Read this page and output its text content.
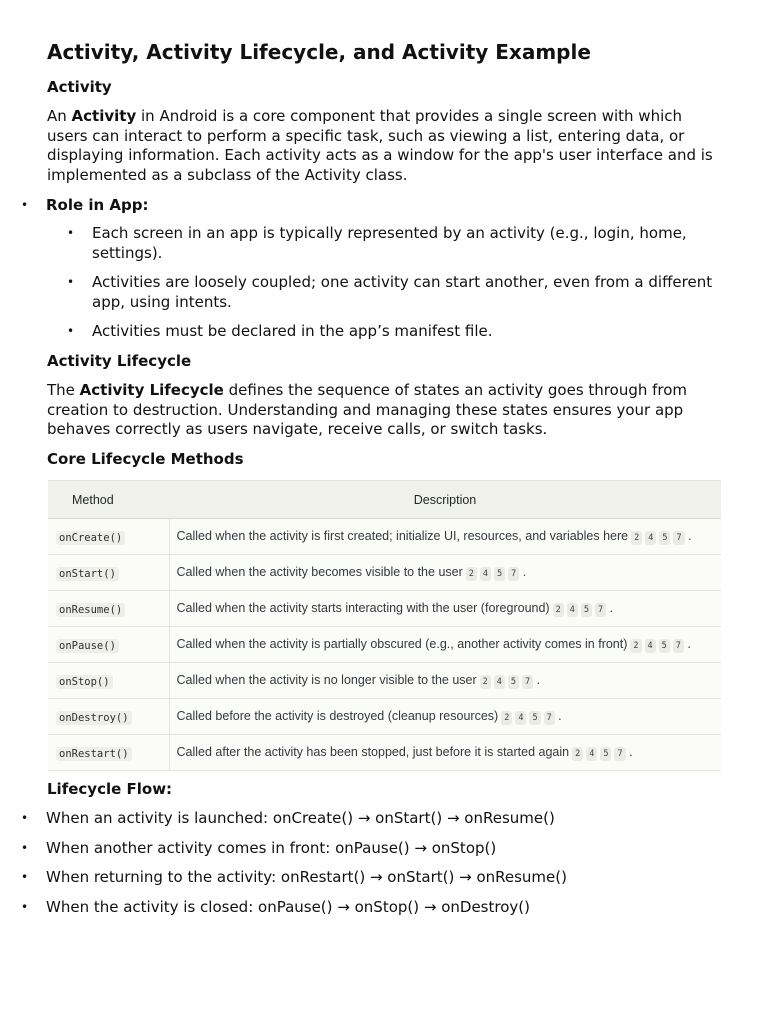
Activity, Activity Lifecycle, and Activity Example
Activity

An Activity in Android is a core component that provides a single screen with which users can interact to perform a specific task, such as viewing a list, entering data, or displaying information. Each activity acts as a window for the app's user interface and is implemented as a subclass of the Activity class.

• Role in App:
• Each screen in an app is typically represented by an activity (e.g., login, home, settings).
• Activities are loosely coupled; one activity can start another, even from a different app, using intents.
• Activities must be declared in the app’s manifest file.
Activity Lifecycle

The Activity Lifecycle defines the sequence of states an activity goes through from creation to destruction. Understanding and managing these states ensures your app behaves correctly as users navigate, receive calls, or switch tasks.

Core Lifecycle Methods
Method	Description
onCreate()	Called when the activity is first created; initialize UI, resources, and variables here 2 4 5 7 .
onStart()	Called when the activity becomes visible to the user 2 4 5 7 .
onResume()	Called when the activity starts interacting with the user (foreground) 2 4 5 7 .
onPause()	Called when the activity is partially obscured (e.g., another activity comes in front) 2 4 5 7 .
onStop()	Called when the activity is no longer visible to the user 2 4 5 7 .
onDestroy()	Called before the activity is destroyed (cleanup resources) 2 4 5 7 .
onRestart()	Called after the activity has been stopped, just before it is started again 2 4 5 7 .
Lifecycle Flow:
• When an activity is launched: onCreate() → onStart() → onResume()
• When another activity comes in front: onPause() → onStop()
• When returning to the activity: onRestart() → onStart() → onResume()
• When the activity is closed: onPause() → onStop() → onDestroy()
